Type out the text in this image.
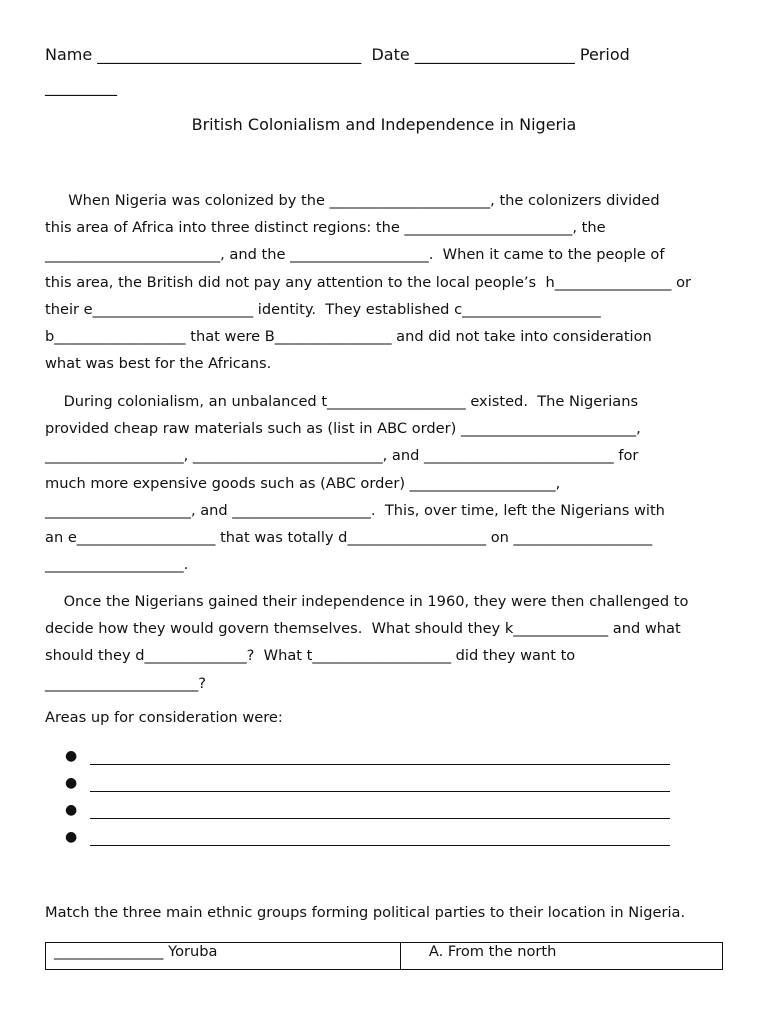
Name _________________________________  Date ____________________ Period
_________
British Colonialism and Independence in Nigeria

When Nigeria was colonized by the ______________________, the colonizers divided
this area of Africa into three distinct regions: the _______________________, the
________________________, and the ___________________.  When it came to the people of
this area, the British did not pay any attention to the local people’s  h________________ or
their e______________________ identity.  They established c___________________
b__________________ that were B________________ and did not take into consideration
what was best for the Africans.

During colonialism, an unbalanced t___________________ existed.  The Nigerians
provided cheap raw materials such as (list in ABC order) ________________________,
___________________, __________________________, and __________________________ for
much more expensive goods such as (ABC order) ____________________,
____________________, and ___________________.  This, over time, left the Nigerians with
an e___________________ that was totally d___________________ on ___________________
___________________.

Once the Nigerians gained their independence in 1960, they were then challenged to
decide how they would govern themselves.  What should they k_____________ and what
should they d______________?  What t___________________ did they want to
_____________________?

Areas up for consideration were:
●
●
●
●
Match the three main ethnic groups forming political parties to their location in Nigeria.
_______________ Yoruba	A. From the north
